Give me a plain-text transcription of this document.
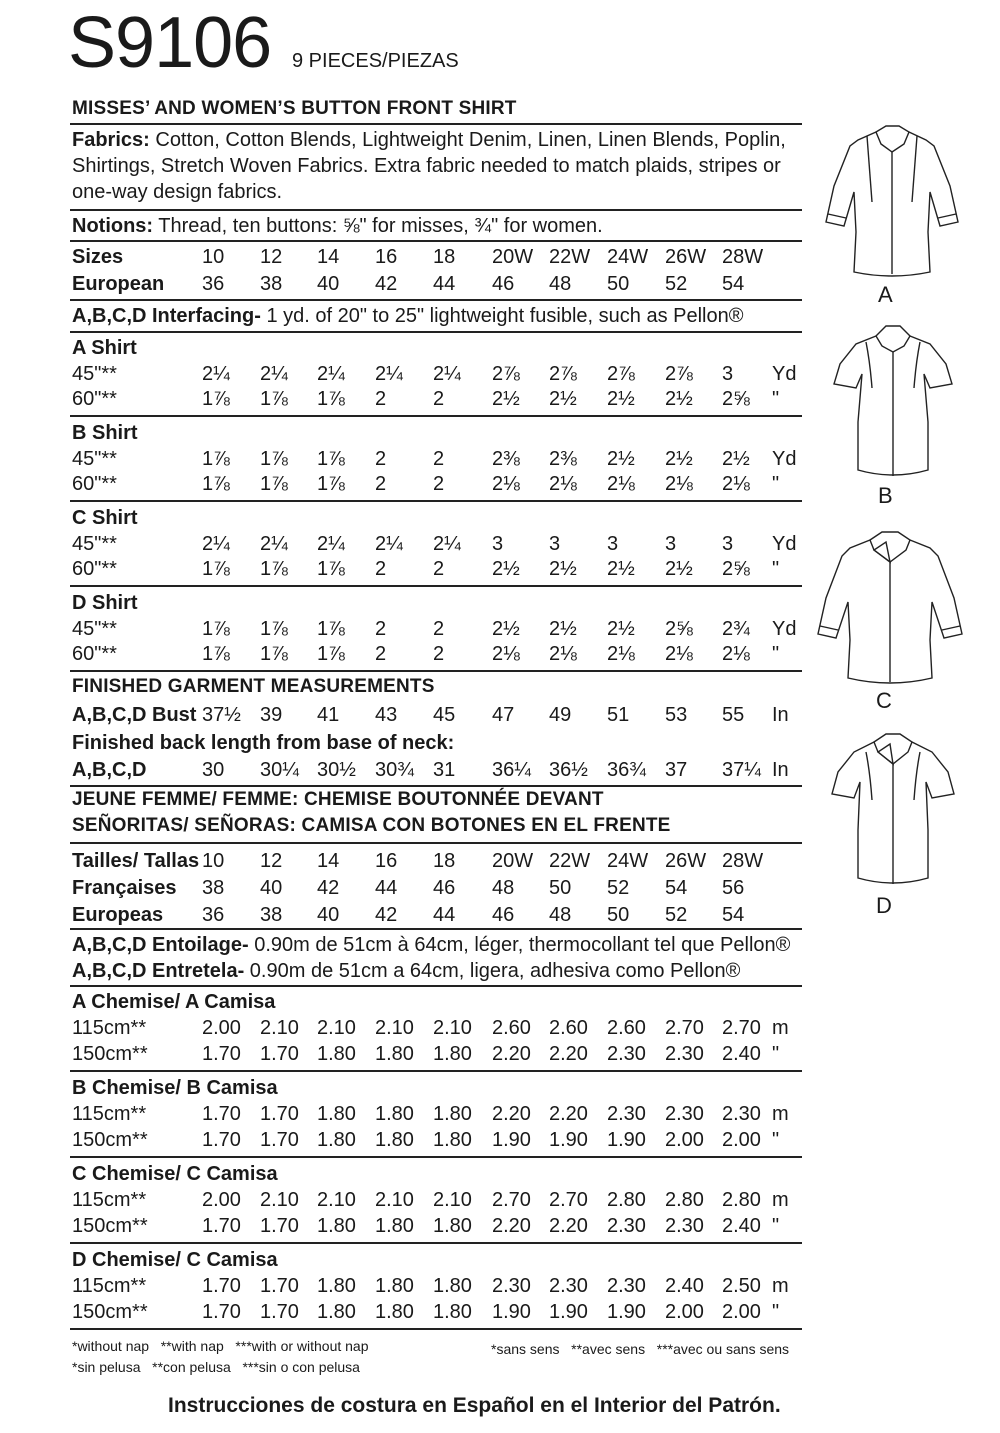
S9106 9 PIECES/PIEZAS
MISSES’ AND WOMEN’S BUTTON FRONT SHIRT
Fabrics: Cotton, Cotton Blends, Lightweight Denim, Linen, Linen Blends, Poplin, Shirtings, Stretch Woven Fabrics. Extra fabric needed to match plaids, stripes or one-way design fabrics.
Notions: Thread, ten buttons: ⅝" for misses, ¾" for women.
Sizes	10 12 14 16 18 20W 22W 24W 26W 28W
European 36 38 40 42 44 46 48 50 52 54
A,B,C,D Interfacing- 1 yd. of 20" to 25" lightweight fusible, such as Pellon®
A Shirt
45"**	2¼ 2¼ 2¼ 2¼ 2¼ 2⅞ 2⅞ 2⅞ 2⅞ 3 Yd
60"**	1⅞ 1⅞ 1⅞ 2 2 2½ 2½ 2½ 2½ 2⅝ "
B Shirt
45"**	1⅞ 1⅞ 1⅞ 2 2 2⅜ 2⅜ 2½ 2½ 2½ Yd
60"**	1⅞ 1⅞ 1⅞ 2 2 2⅛ 2⅛ 2⅛ 2⅛ 2⅛ "
C Shirt
45"**	2¼ 2¼ 2¼ 2¼ 2¼ 3 3 3 3 3 Yd
60"**	1⅞ 1⅞ 1⅞ 2 2 2½ 2½ 2½ 2½ 2⅝ "
D Shirt
45"**	1⅞ 1⅞ 1⅞ 2 2 2½ 2½ 2½ 2⅝ 2¾ Yd
60"**	1⅞ 1⅞ 1⅞ 2 2 2⅛ 2⅛ 2⅛ 2⅛ 2⅛ "
FINISHED GARMENT MEASUREMENTS
A,B,C,D Bust 37½ 39 41 43 45 47 49 51 53 55 In
Finished back length from base of neck:
A,B,C,D	30 30¼ 30½ 30¾ 31 36¼ 36½ 36¾ 37 37¼ In
JEUNE FEMME/ FEMME: CHEMISE BOUTONNÉE DEVANT
SEÑORITAS/ SEÑORAS: CAMISA CON BOTONES EN EL FRENTE
Tailles/ Tallas 10 12 14 16 18 20W 22W 24W 26W 28W
Françaises 38 40 42 44 46 48 50 52 54 56
Europeas 36 38 40 42 44 46 48 50 52 54
A,B,C,D Entoilage- 0.90m de 51cm à 64cm, léger, thermocollant tel que Pellon®
A,B,C,D Entretela- 0.90m de 51cm a 64cm, ligera, adhesiva como Pellon®
A Chemise/ A Camisa
115cm**	2.00 2.10 2.10 2.10 2.10 2.60 2.60 2.60 2.70 2.70 m
150cm**	1.70 1.70 1.80 1.80 1.80 2.20 2.20 2.30 2.30 2.40 "
B Chemise/ B Camisa
115cm**	1.70 1.70 1.80 1.80 1.80 2.20 2.20 2.30 2.30 2.30 m
150cm**	1.70 1.70 1.80 1.80 1.80 1.90 1.90 1.90 2.00 2.00 "
C Chemise/ C Camisa
115cm**	2.00 2.10 2.10 2.10 2.10 2.70 2.70 2.80 2.80 2.80 m
150cm**	1.70 1.70 1.80 1.80 1.80 2.20 2.20 2.30 2.30 2.40 "
D Chemise/ C Camisa
115cm**	1.70 1.70 1.80 1.80 1.80 2.30 2.30 2.30 2.40 2.50 m
150cm**	1.70 1.70 1.80 1.80 1.80 1.90 1.90 1.90 2.00 2.00 "
*without nap   **with nap   ***with or without nap
*sin pelusa   **con pelusa   ***sin o con pelusa
*sans sens   **avec sens   ***avec ou sans sens
Instrucciones de costura en Español en el Interior del Patrón.
A
B
C
D
